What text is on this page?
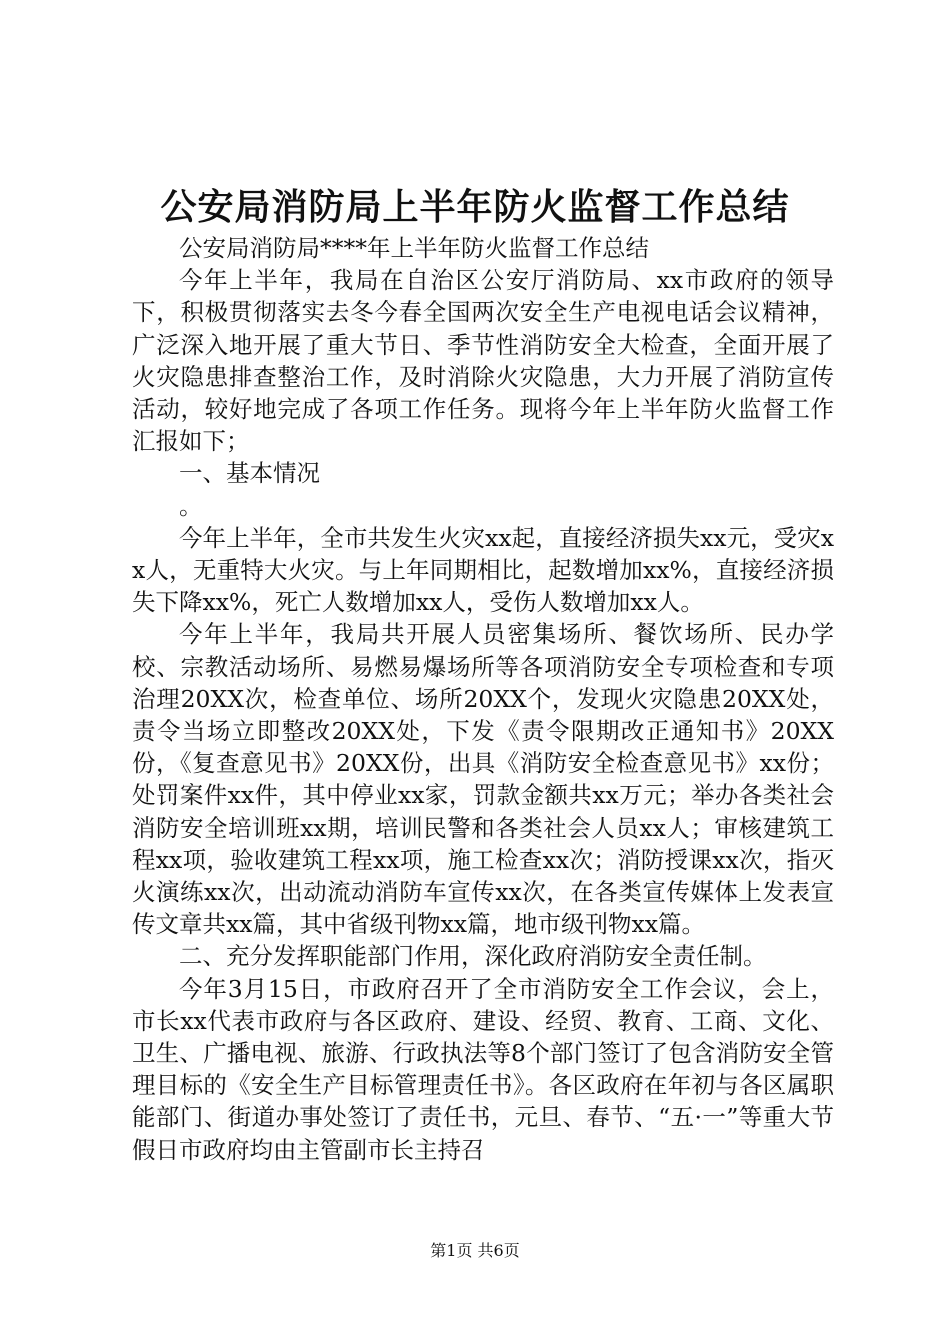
公安局消防局上半年防火监督工作总结

公安局消防局****年上半年防火监督工作总结

今年上半年，我局在自治区公安厅消防局、xx市政府的领导下，积极贯彻落实去冬今春全国两次安全生产电视电话会议精神，广泛深入地开展了重大节日、季节性消防安全大检查，全面开展了火灾隐患排查整治工作，及时消除火灾隐患，大力开展了消防宣传活动，较好地完成了各项工作任务。现将今年上半年防火监督工作汇报如下；

一、基本情况

。

今年上半年，全市共发生火灾xx起，直接经济损失xx元，受灾xx人，无重特大火灾。与上年同期相比，起数增加xx%，直接经济损失下降xx%，死亡人数增加xx人，受伤人数增加xx人。

今年上半年，我局共开展人员密集场所、餐饮场所、民办学校、宗教活动场所、易燃易爆场所等各项消防安全专项检查和专项治理20XX次，检查单位、场所20XX个，发现火灾隐患20XX处，责令当场立即整改20XX处，下发《责令限期改正通知书》20XX份，《复查意见书》20XX份，出具《消防安全检查意见书》xx份；处罚案件xx件，其中停业xx家，罚款金额共xx万元；举办各类社会消防安全培训班xx期，培训民警和各类社会人员xx人；审核建筑工程xx项，验收建筑工程xx项，施工检查xx次；消防授课xx次，指灭火演练xx次，出动流动消防车宣传xx次，在各类宣传媒体上发表宣传文章共xx篇，其中省级刊物xx篇，地市级刊物xx篇。

二、充分发挥职能部门作用，深化政府消防安全责任制。

今年3月15日，市政府召开了全市消防安全工作会议，会上，市长xx代表市政府与各区政府、建设、经贸、教育、工商、文化、卫生、广播电视、旅游、行政执法等8个部门签订了包含消防安全管理目标的《安全生产目标管理责任书》。各区政府在年初与各区属职能部门、街道办事处签订了责任书，元旦、春节、“五·一”等重大节假日市政府均由主管副市长主持召

第1页 共6页
